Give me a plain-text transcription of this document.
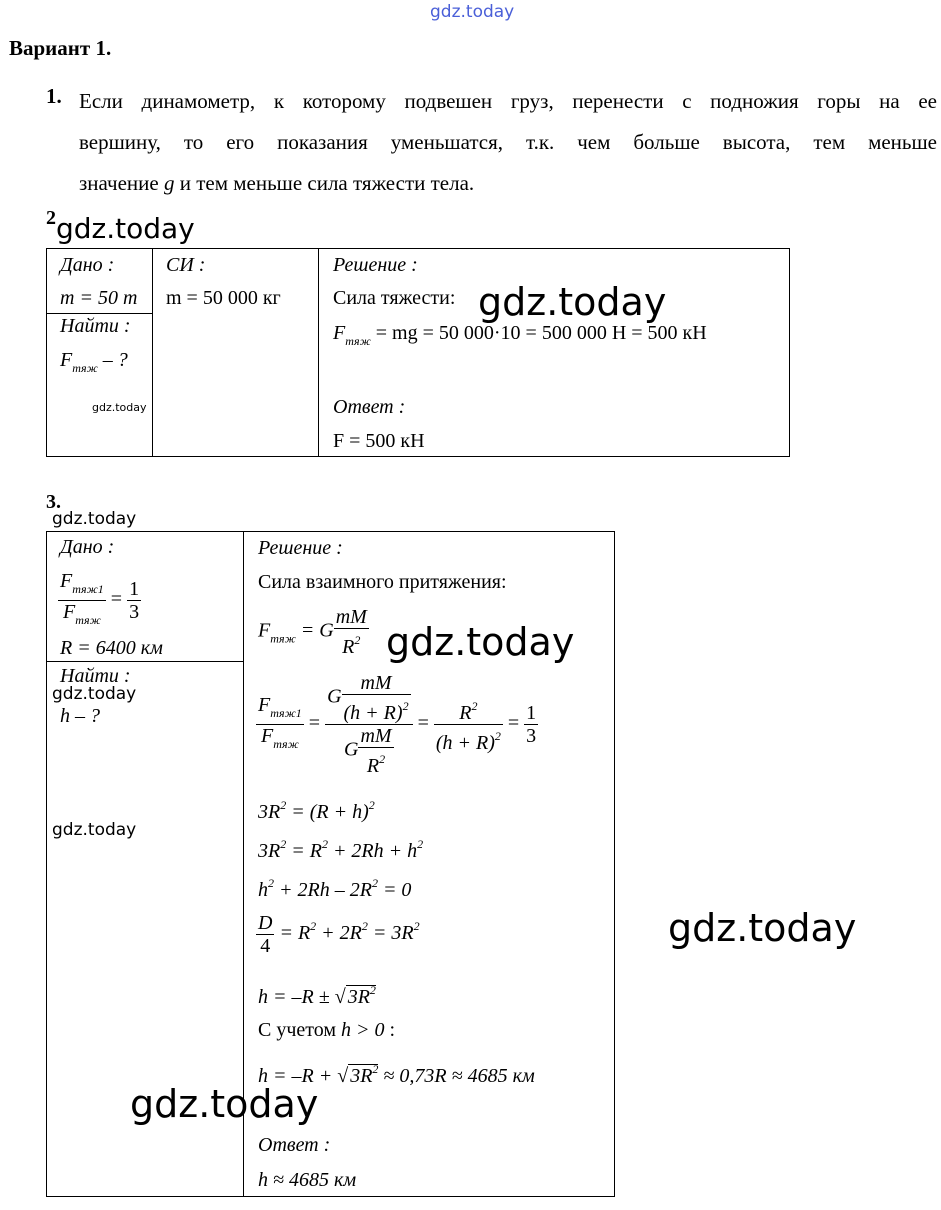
gdz.today
Вариант 1.
1. Если динамометр, к которому подвешен груз, перенести с подножия горы на ее
вершину, то его показания уменьшатся, т.к. чем больше высота, тем меньше
значение g и тем меньше сила тяжести тела.
2 gdz.today
Дано :
m = 50 т
Найти :
$F_{тяж}$ – ?
gdz.today
СИ :
m = 50 000 кг
Решение :
Сила тяжести:
$F_{тяж}$ = mg = 50 000·10 = 500 000 Н = 500 кН
gdz.today
Ответ :
F = 500 кН
3.
gdz.today
Дано :
$\frac{F_{тяж1}}{F_{тяж}} = \frac{1}{3}$
R = 6400 км
Найти :
gdz.today
h – ?
gdz.today
Решение :
Сила взаимного притяжения:
$F_{тяж} = G \frac{mM}{R^2}$ gdz.today
$\frac{F_{тяж1}}{F_{тяж}} = \frac{G \frac{mM}{(h + R)^2}}{G \frac{mM}{R^2}} = \frac{R^2}{(h + R)^2} = \frac{1}{3}$
$3R^2 = (R + h)^2$
$3R^2 = R^2 + 2Rh + h^2$
$h^2 + 2Rh - 2R^2 = 0$
$\frac{D}{4} = R^2 + 2R^2 = 3R^2$
h = –R ± √ $3R^2$
С учетом h > 0 :
h = –R + √ $3R^2 \approx 0,73R \approx 4685$ км
gdz.today
Ответ :
h ≈ 4685 км
gdz.today
